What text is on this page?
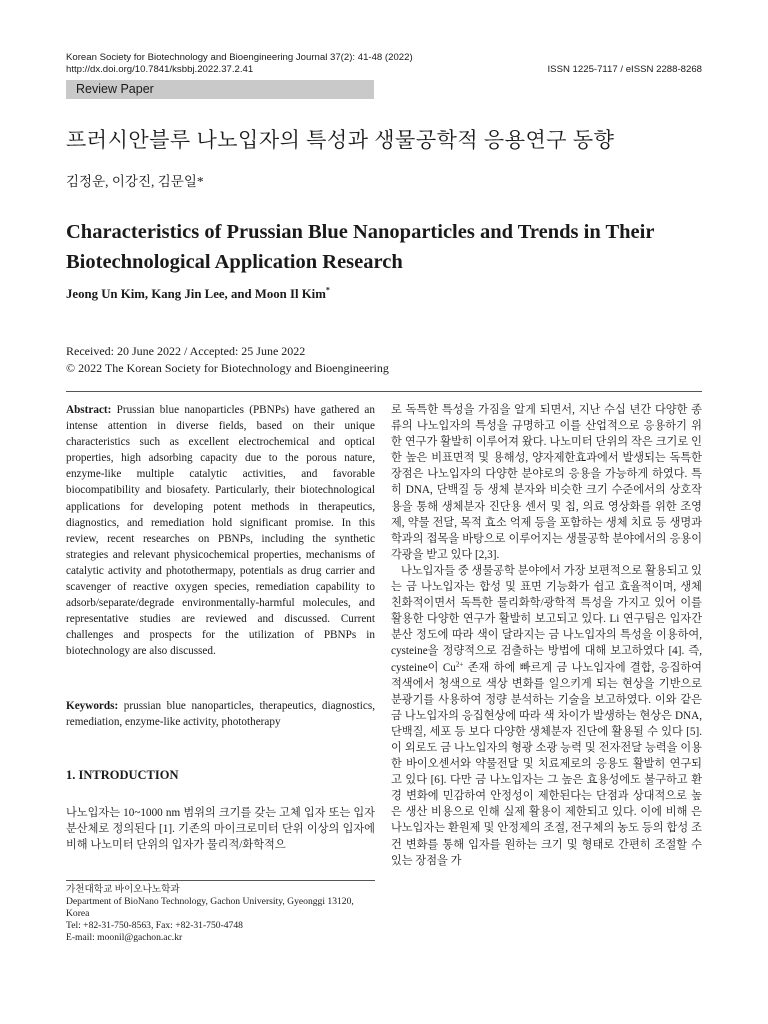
Korean Society for Biotechnology and Bioengineering Journal 37(2): 41-48 (2022)
http://dx.doi.org/10.7841/ksbbj.2022.37.2.41	ISSN 1225-7117 / eISSN 2288-8268
Review Paper
프러시안블루 나노입자의 특성과 생물공학적 응용연구 동향
김정운, 이강진, 김문일*
Characteristics of Prussian Blue Nanoparticles and Trends in Their
Biotechnological Application Research
Jeong Un Kim, Kang Jin Lee, and Moon Il Kim*
Received: 20 June 2022 / Accepted: 25 June 2022
© 2022 The Korean Society for Biotechnology and Bioengineering
Abstract: Prussian blue nanoparticles (PBNPs) have gathered an intense attention in diverse fields, based on their unique characteristics such as excellent electrochemical and optical properties, high adsorbing capacity due to the porous nature, enzyme-like multiple catalytic activities, and favorable biocompatibility and biosafety. Particularly, their biotechnological applications for developing potent methods in therapeutics, diagnostics, and remediation hold significant promise. In this review, recent researches on PBNPs, including the synthetic strategies and relevant physicochemical properties, mechanisms of catalytic activity and photothermapy, potentials as drug carrier and scavenger of reactive oxygen species, remediation capability to adsorb/separate/degrade environmentally-harmful molecules, and representative studies are reviewed and discussed. Current challenges and prospects for the utilization of PBNPs in biotechnology are also discussed.
Keywords: prussian blue nanoparticles, therapeutics, diagnostics, remediation, enzyme-like activity, phototherapy
1. INTRODUCTION
나노입자는 10~1000 nm 범위의 크기를 갖는 고체 입자 또는 입자 분산체로 정의된다 [1]. 기존의 마이크로미터 단위 이상의 입자에 비해 나노미터 단위의 입자가 물리적/화학적으
가천대학교 바이오나노학과
Department of BioNano Technology, Gachon University, Gyeonggi 13120, Korea
Tel: +82-31-750-8563, Fax: +82-31-750-4748
E-mail: moonil@gachon.ac.kr

로 독특한 특성을 가짐을 알게 되면서, 지난 수십 년간 다양한 종류의 나노입자의 특성을 규명하고 이를 산업적으로 응용하기 위한 연구가 활발히 이루어져 왔다. 나노미터 단위의 작은 크기로 인한 높은 비표면적 및 용해성, 양자제한효과에서 발생되는 독특한 장점은 나노입자의 다양한 분야로의 응용을 가능하게 하였다. 특히 DNA, 단백질 등 생체 분자와 비슷한 크기 수준에서의 상호작용을 통해 생체분자 진단용 센서 및 칩, 의료 영상화를 위한 조영제, 약물 전달, 목적 효소 억제 등을 포함하는 생체 치료 등 생명과학과의 접목을 바탕으로 이루어지는 생물공학 분야에서의 응용이 각광을 받고 있다 [2,3].

나노입자들 중 생물공학 분야에서 가장 보편적으로 활용되고 있는 금 나노입자는 합성 및 표면 기능화가 쉽고 효율적이며, 생체 친화적이면서 독특한 물리화학/광학적 특성을 가지고 있어 이를 활용한 다양한 연구가 활발히 보고되고 있다. Li 연구팀은 입자간 분산 정도에 따라 색이 달라지는 금 나노입자의 특성을 이용하여, cysteine을 정량적으로 검출하는 방법에 대해 보고하였다 [4]. 즉, cysteine이 $Cu^{2+}$ 존재 하에 빠르게 금 나노입자에 결합, 응집하여 적색에서 청색으로 색상 변화를 일으키게 되는 현상을 기반으로 분광기를 사용하여 정량 분석하는 기술을 보고하였다. 이와 같은 금 나노입자의 응집현상에 따라 색 차이가 발생하는 현상은 DNA, 단백질, 세포 등 보다 다양한 생체분자 진단에 활용될 수 있다 [5]. 이 외로도 금 나노입자의 형광 소광 능력 및 전자전달 능력을 이용한 바이오센서와 약물전달 및 치료제로의 응용도 활발히 연구되고 있다 [6]. 다만 금 나노입자는 그 높은 효용성에도 불구하고 환경 변화에 민감하여 안정성이 제한된다는 단점과 상대적으로 높은 생산 비용으로 인해 실제 활용이 제한되고 있다. 이에 비해 은 나노입자는 환원제 및 안정제의 조절, 전구체의 농도 등의 합성 조건 변화를 통해 입자를 원하는 크기 및 형태로 간편히 조절할 수 있는 장점을 가
